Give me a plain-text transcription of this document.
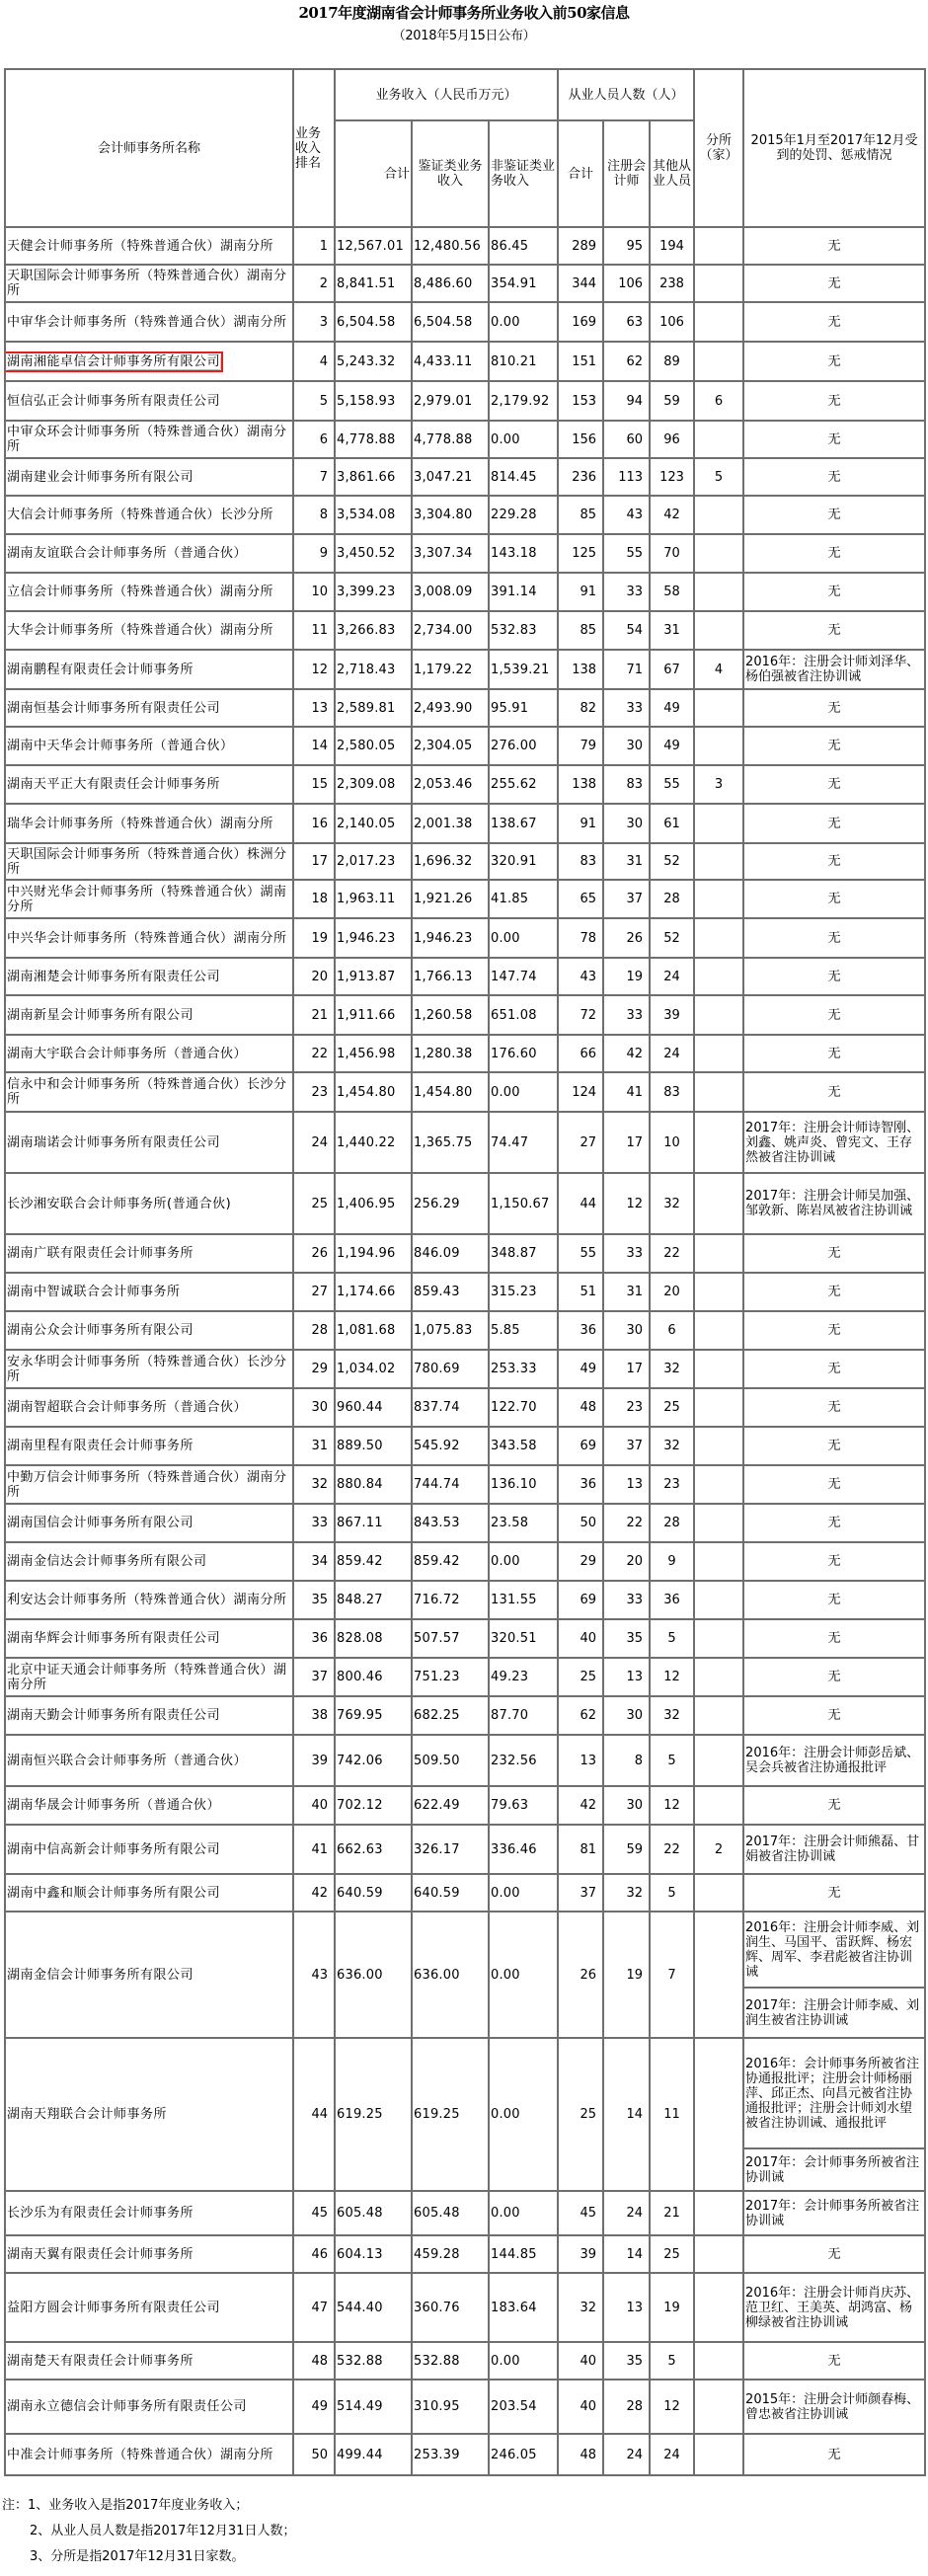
2017年度湖南省会计师事务所业务收入前50家信息
（2018年5月15日公布）
会计师事务所名称	业务收入排名	业务收入（人民币万元）			从业人员人数（人）			分所（家）	2015年1月至2017年12月受到的处罚、惩戒情况
		合计	鉴证类业务收入	非鉴证类业务收入	合计	注册会计师	其他从业人员		
天健会计师事务所（特殊普通合伙）湖南分所	1	12,567.01	12,480.56	86.45	289	95	194		无
天职国际会计师事务所（特殊普通合伙）湖南分所	2	8,841.51	8,486.60	354.91	344	106	238		无
中审华会计师事务所（特殊普通合伙）湖南分所	3	6,504.58	6,504.58	0.00	169	63	106		无
湖南湘能卓信会计师事务所有限公司	4	5,243.32	4,433.11	810.21	151	62	89		无
恒信弘正会计师事务所有限责任公司	5	5,158.93	2,979.01	2,179.92	153	94	59	6	无
中审众环会计师事务所（特殊普通合伙）湖南分所	6	4,778.88	4,778.88	0.00	156	60	96		无
湖南建业会计师事务所有限公司	7	3,861.66	3,047.21	814.45	236	113	123	5	无
大信会计师事务所（特殊普通合伙）长沙分所	8	3,534.08	3,304.80	229.28	85	43	42		无
湖南友谊联合会计师事务所（普通合伙）	9	3,450.52	3,307.34	143.18	125	55	70		无
立信会计师事务所（特殊普通合伙）湖南分所	10	3,399.23	3,008.09	391.14	91	33	58		无
大华会计师事务所（特殊普通合伙）湖南分所	11	3,266.83	2,734.00	532.83	85	54	31		无
湖南鹏程有限责任会计师事务所	12	2,718.43	1,179.22	1,539.21	138	71	67	4	2016年：注册会计师刘泽华、杨伯强被省注协训诫
湖南恒基会计师事务所有限责任公司	13	2,589.81	2,493.90	95.91	82	33	49		无
湖南中天华会计师事务所（普通合伙）	14	2,580.05	2,304.05	276.00	79	30	49		无
湖南天平正大有限责任会计师事务所	15	2,309.08	2,053.46	255.62	138	83	55	3	无
瑞华会计师事务所（特殊普通合伙）湖南分所	16	2,140.05	2,001.38	138.67	91	30	61		无
天职国际会计师事务所（特殊普通合伙）株洲分所	17	2,017.23	1,696.32	320.91	83	31	52		无
中兴财光华会计师事务所（特殊普通合伙）湖南分所	18	1,963.11	1,921.26	41.85	65	37	28		无
中兴华会计师事务所（特殊普通合伙）湖南分所	19	1,946.23	1,946.23	0.00	78	26	52		无
湖南湘楚会计师事务所有限责任公司	20	1,913.87	1,766.13	147.74	43	19	24		无
湖南新星会计师事务所有限公司	21	1,911.66	1,260.58	651.08	72	33	39		无
湖南大宇联合会计师事务所（普通合伙）	22	1,456.98	1,280.38	176.60	66	42	24		无
信永中和会计师事务所（特殊普通合伙）长沙分所	23	1,454.80	1,454.80	0.00	124	41	83		无
湖南瑞诺会计师事务所有限责任公司	24	1,440.22	1,365.75	74.47	27	17	10		2017年：注册会计师诗智刚、刘鑫、姚声炎、曾宪文、王存然被省注协训诫
长沙湘安联合会计师事务所(普通合伙)	25	1,406.95	256.29	1,150.67	44	12	32		2017年：注册会计师吴加强、邹敦新、陈岩凤被省注协训诫
湖南广联有限责任会计师事务所	26	1,194.96	846.09	348.87	55	33	22		无
湖南中智诚联合会计师事务所	27	1,174.66	859.43	315.23	51	31	20		无
湖南公众会计师事务所有限公司	28	1,081.68	1,075.83	5.85	36	30	6		无
安永华明会计师事务所（特殊普通合伙）长沙分所	29	1,034.02	780.69	253.33	49	17	32		无
湖南智超联合会计师事务所（普通合伙）	30	960.44	837.74	122.70	48	23	25		无
湖南里程有限责任会计师事务所	31	889.50	545.92	343.58	69	37	32		无
中勤万信会计师事务所（特殊普通合伙）湖南分所	32	880.84	744.74	136.10	36	13	23		无
湖南国信会计师事务所有限公司	33	867.11	843.53	23.58	50	22	28		无
湖南金信达会计师事务所有限公司	34	859.42	859.42	0.00	29	20	9		无
利安达会计师事务所（特殊普通合伙）湖南分所	35	848.27	716.72	131.55	69	33	36		无
湖南华辉会计师事务所有限责任公司	36	828.08	507.57	320.51	40	35	5		无
北京中证天通会计师事务所（特殊普通合伙）湖南分所	37	800.46	751.23	49.23	25	13	12		无
湖南天勤会计师事务所有限责任公司	38	769.95	682.25	87.70	62	30	32		无
湖南恒兴联合会计师事务所（普通合伙）	39	742.06	509.50	232.56	13	8	5		2016年：注册会计师彭岳斌、吴会兵被省注协通报批评
湖南华晟会计师事务所（普通合伙）	40	702.12	622.49	79.63	42	30	12		无
湖南中信高新会计师事务所有限公司	41	662.63	326.17	336.46	81	59	22	2	2017年：注册会计师熊磊、甘娟被省注协训诫
湖南中鑫和顺会计师事务所有限公司	42	640.59	640.59	0.00	37	32	5		无
湖南金信会计师事务所有限公司	43	636.00	636.00	0.00	26	19	7		2016年：注册会计师李威、刘润生、马国平、雷跃辉、杨宏辉、周军、李君彪被省注协训诫
									2017年：注册会计师李威、刘润生被省注协训诫
湖南天翔联合会计师事务所	44	619.25	619.25	0.00	25	14	11		2016年：会计师事务所被省注协通报批评；注册会计师杨丽萍、邱正杰、向昌元被省注协通报批评；注册会计师刘水望被省注协训诫、通报批评
									2017年：会计师事务所被省注协训诫
长沙乐为有限责任会计师事务所	45	605.48	605.48	0.00	45	24	21		2017年：会计师事务所被省注协训诫
湖南天翼有限责任会计师事务所	46	604.13	459.28	144.85	39	14	25		无
益阳方圆会计师事务所有限责任公司	47	544.40	360.76	183.64	32	13	19		2016年：注册会计师肖庆苏、范卫红、王美英、胡鸿富、杨柳绿被省注协训诫
湖南楚天有限责任会计师事务所	48	532.88	532.88	0.00	40	35	5		无
湖南永立德信会计师事务所有限责任公司	49	514.49	310.95	203.54	40	28	12		2015年：注册会计师颜春梅、曾忠被省注协训诫
中准会计师事务所（特殊普通合伙）湖南分所	50	499.44	253.39	246.05	48	24	24		无
注：1、业务收入是指2017年度业务收入；
2、从业人员人数是指2017年12月31日人数；
3、分所是指2017年12月31日家数。
